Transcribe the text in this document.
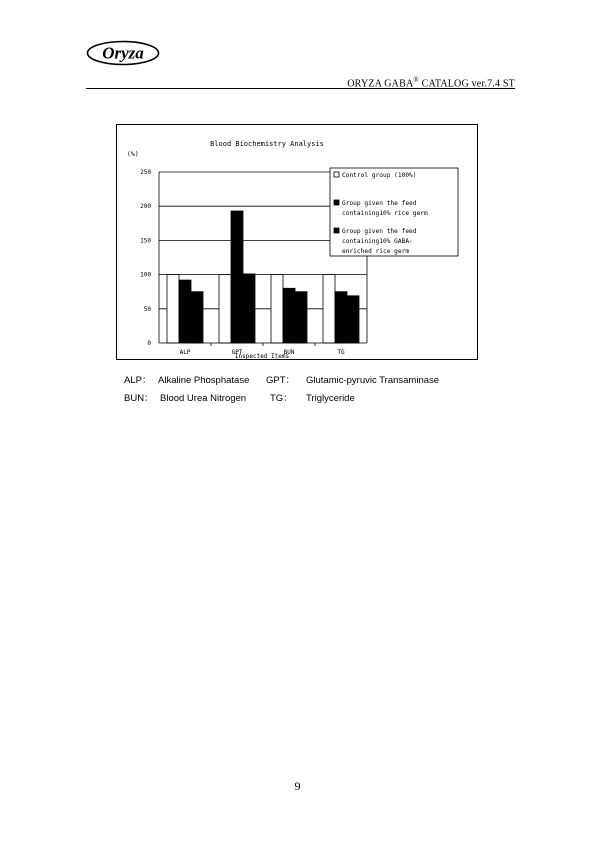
Oryza
ORYZA GABA® CATALOG ver.7.4 ST
Blood Biochemistry Analysis
(%)
0
50
100
150
200
250
ALP	GPT	BUN	TG
Control group (100%)
Group given the feed
containing10% rice germ
Group given the feed
containing10% GABA-
enriched rice germ
Inspected Items
ALP： Alkaline Phosphatase GPT： Glutamic-pyruvic Transaminase
BUN： Blood Urea Nitrogen	TG： Triglyceride
9
